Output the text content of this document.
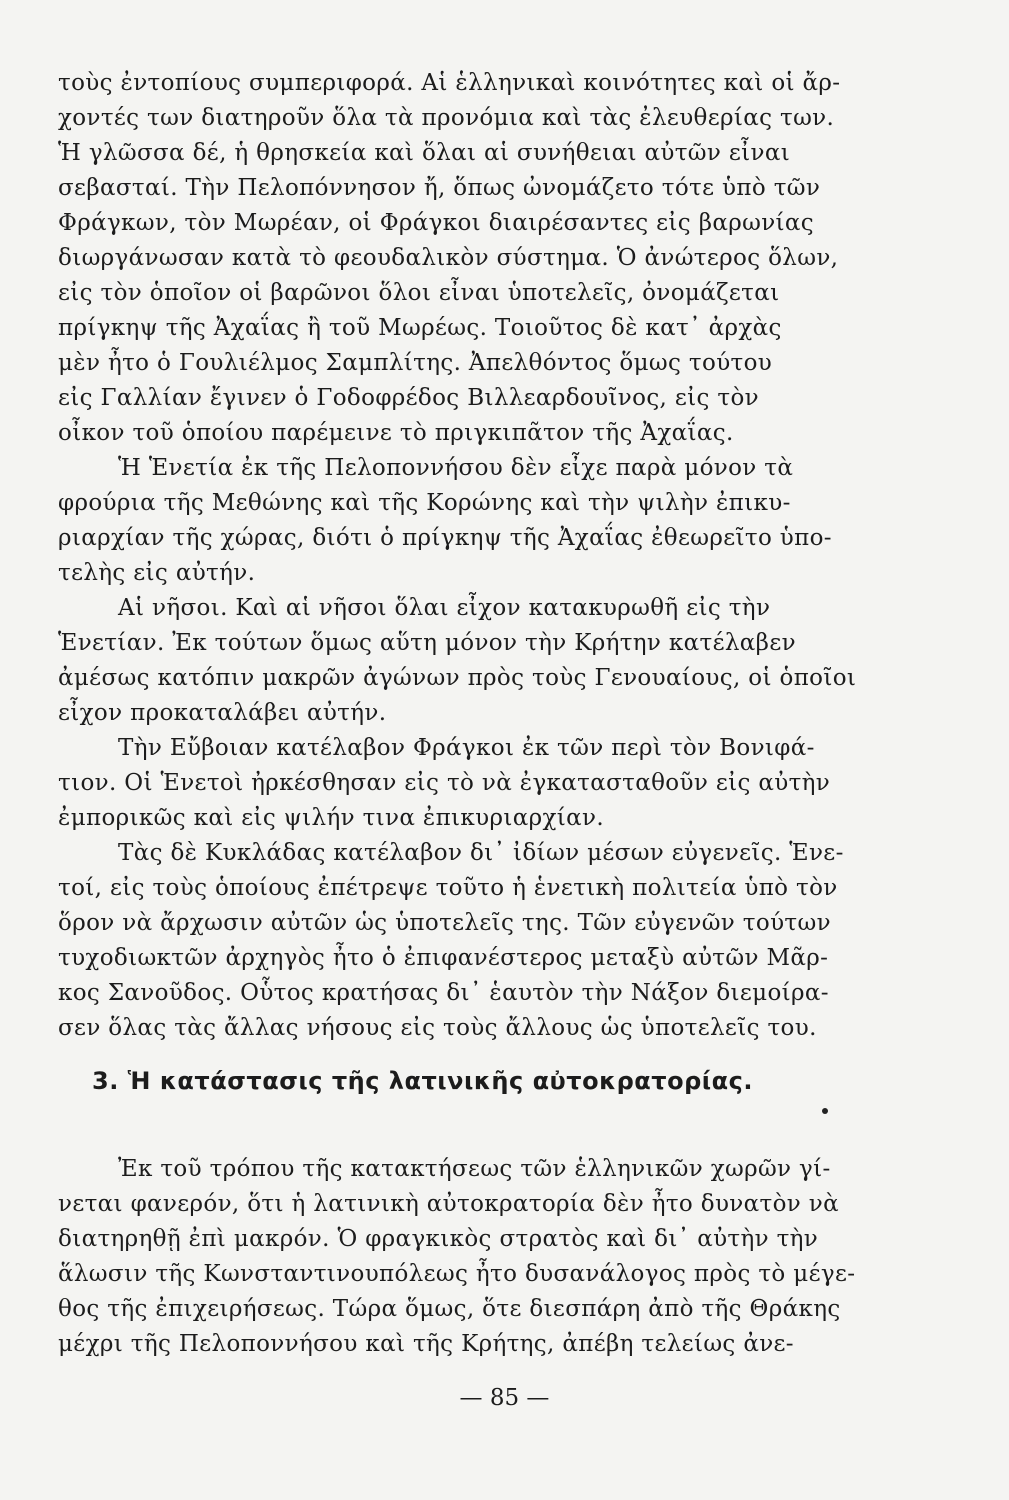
τοὺς ἐντοπίους συμπεριφορά. Αἱ ἑλληνικαὶ κοινότητες καὶ οἱ ἄρ-
χοντές των διατηροῦν ὅλα τὰ προνόμια καὶ τὰς ἐλευθερίας των.
Ἡ γλῶσσα δέ, ἡ θρησκεία καὶ ὅλαι αἱ συνήθειαι αὐτῶν εἶναι
σεβασταί. Τὴν Πελοπόννησον ἤ, ὅπως ὠνομάζετο τότε ὑπὸ τῶν
Φράγκων, τὸν Μωρέαν, οἱ Φράγκοι διαιρέσαντες εἰς βαρωνίας
διωργάνωσαν κατὰ τὸ φεουδαλικὸν σύστημα. Ὁ ἀνώτερος ὅλων,
εἰς τὸν ὁποῖον οἱ βαρῶνοι ὅλοι εἶναι ὑποτελεῖς, ὀνομάζεται
πρίγκηψ τῆς Ἀχαΐας ἢ τοῦ Μωρέως. Τοιοῦτος δὲ κατ᾿ ἀρχὰς
μὲν ἦτο ὁ Γουλιέλμος Σαμπλίτης. Ἀπελθόντος ὅμως τούτου
εἰς Γαλλίαν ἔγινεν ὁ Γοδοφρέδος Βιλλεαρδουῖνος, εἰς τὸν
οἶκον τοῦ ὁποίου παρέμεινε τὸ πριγκιπᾶτον τῆς Ἀχαΐας.
Ἡ Ἑνετία ἐκ τῆς Πελοποννήσου δὲν εἶχε παρὰ μόνον τὰ
φρούρια τῆς Μεθώνης καὶ τῆς Κορώνης καὶ τὴν ψιλὴν ἐπικυ-
ριαρχίαν τῆς χώρας, διότι ὁ πρίγκηψ τῆς Ἀχαΐας ἐθεωρεῖτο ὑπο-
τελὴς εἰς αὐτήν.
Αἱ νῆσοι. Καὶ αἱ νῆσοι ὅλαι εἶχον κατακυρωθῆ εἰς τὴν
Ἑνετίαν. Ἐκ τούτων ὅμως αὕτη μόνον τὴν Κρήτην κατέλαβεν
ἀμέσως κατόπιν μακρῶν ἀγώνων πρὸς τοὺς Γενουαίους, οἱ ὁποῖοι
εἶχον προκαταλάβει αὐτήν.
Τὴν Εὔβοιαν κατέλαβον Φράγκοι ἐκ τῶν περὶ τὸν Βονιφά-
τιον. Οἱ Ἑνετοὶ ἠρκέσθησαν εἰς τὸ νὰ ἐγκατασταθοῦν εἰς αὐτὴν
ἐμπορικῶς καὶ εἰς ψιλήν τινα ἐπικυριαρχίαν.
Τὰς δὲ Κυκλάδας κατέλαβον δι᾿ ἰδίων μέσων εὐγενεῖς. Ἑνε-
τοί, εἰς τοὺς ὁποίους ἐπέτρεψε τοῦτο ἡ ἑνετικὴ πολιτεία ὑπὸ τὸν
ὅρον νὰ ἄρχωσιν αὐτῶν ὡς ὑποτελεῖς της. Τῶν εὐγενῶν τούτων
τυχοδιωκτῶν ἀρχηγὸς ἦτο ὁ ἐπιφανέστερος μεταξὺ αὐτῶν Μᾶρ-
κος Σανοῦδος. Οὗτος κρατήσας δι᾿ ἑαυτὸν τὴν Νάξον διεμοίρα-
σεν ὅλας τὰς ἄλλας νήσους εἰς τοὺς ἄλλους ὡς ὑποτελεῖς του.
3. Ἡ κατάστασις τῆς λατινικῆς αὐτοκρατορίας.
Ἐκ τοῦ τρόπου τῆς κατακτήσεως τῶν ἑλληνικῶν χωρῶν γί-
νεται φανερόν, ὅτι ἡ λατινικὴ αὐτοκρατορία δὲν ἦτο δυνατὸν νὰ
διατηρηθῇ ἐπὶ μακρόν. Ὁ φραγκικὸς στρατὸς καὶ δι᾿ αὐτὴν τὴν
ἅλωσιν τῆς Κωνσταντινουπόλεως ἦτο δυσανάλογος πρὸς τὸ μέγε-
θος τῆς ἐπιχειρήσεως. Τώρα ὅμως, ὅτε διεσπάρη ἀπὸ τῆς Θράκης
μέχρι τῆς Πελοποννήσου καὶ τῆς Κρήτης, ἀπέβη τελείως ἀνε-
— 85 —
